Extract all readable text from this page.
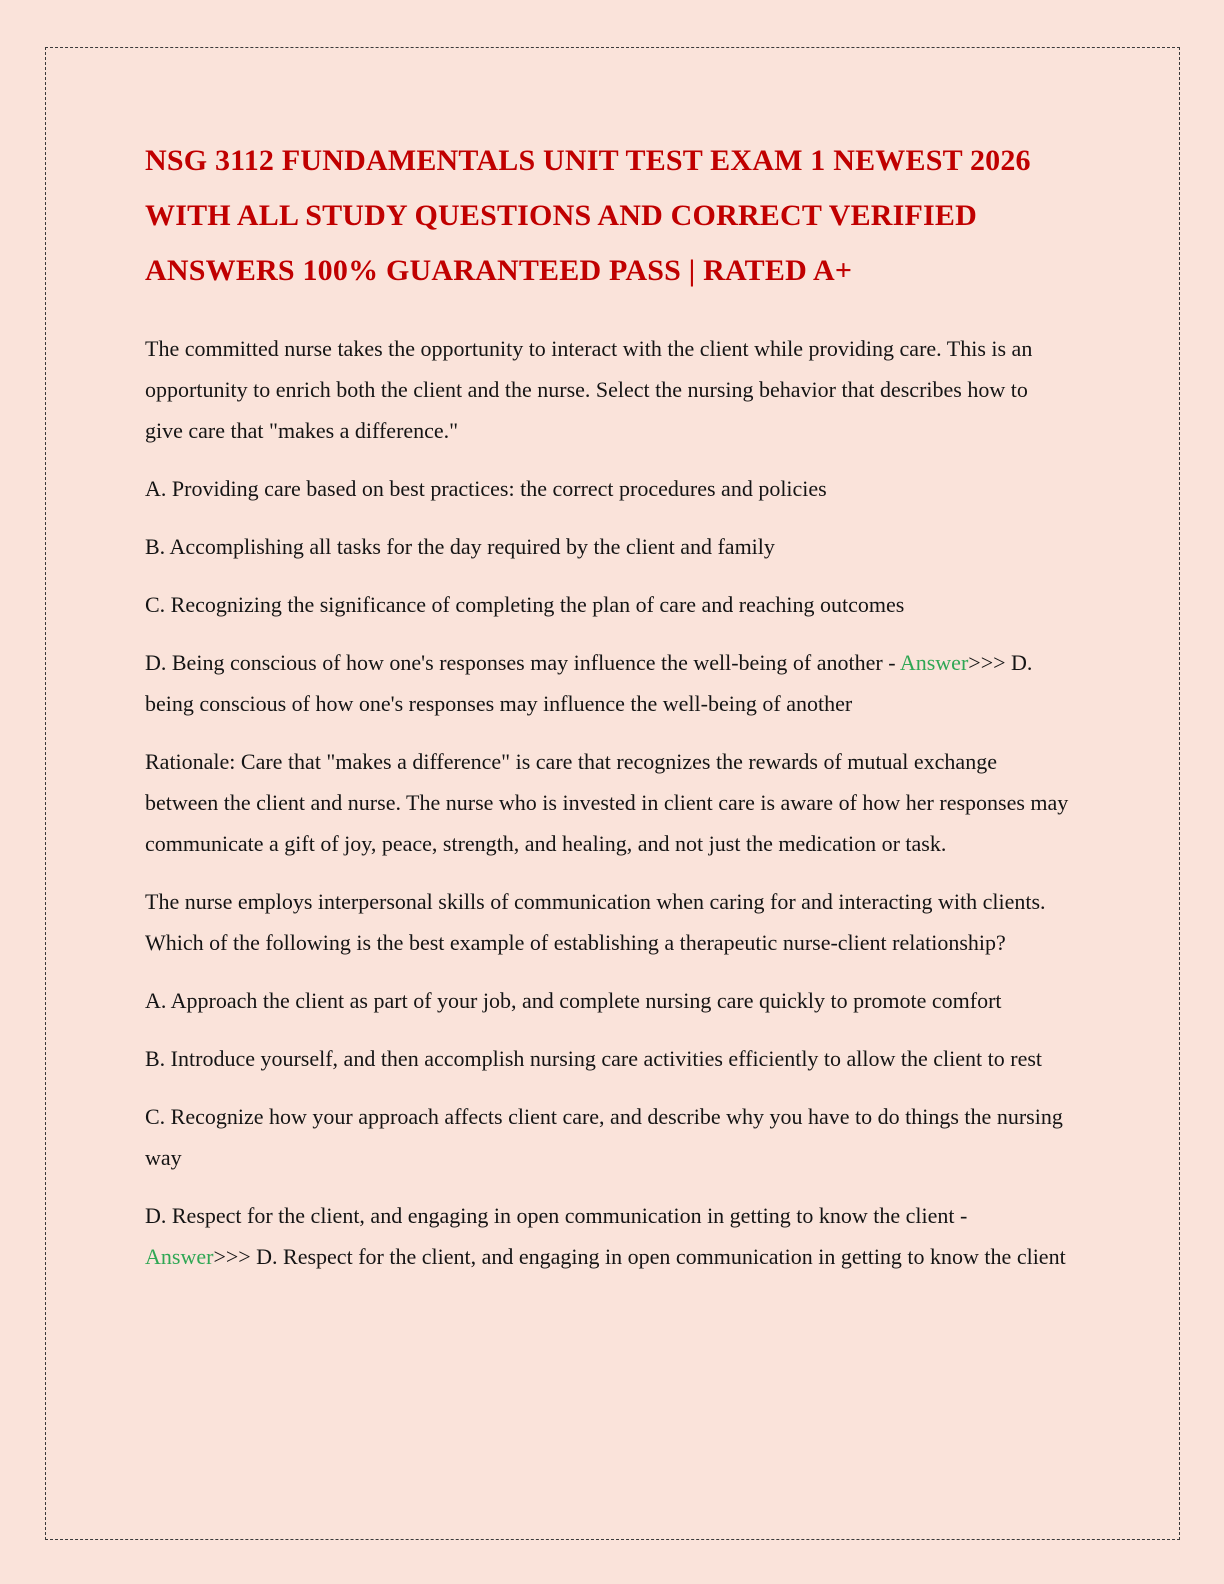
NSG 3112 FUNDAMENTALS UNIT TEST EXAM 1 NEWEST 2026 WITH ALL STUDY QUESTIONS AND CORRECT VERIFIED ANSWERS 100% GUARANTEED PASS | RATED A+

The committed nurse takes the opportunity to interact with the client while providing care. This is an opportunity to enrich both the client and the nurse. Select the nursing behavior that describes how to give care that "makes a difference."

A. Providing care based on best practices: the correct procedures and policies

B. Accomplishing all tasks for the day required by the client and family

C. Recognizing the significance of completing the plan of care and reaching outcomes

D. Being conscious of how one's responses may influence the well-being of another - Answer>>> D. being conscious of how one's responses may influence the well-being of another

Rationale: Care that "makes a difference" is care that recognizes the rewards of mutual exchange between the client and nurse. The nurse who is invested in client care is aware of how her responses may communicate a gift of joy, peace, strength, and healing, and not just the medication or task.

The nurse employs interpersonal skills of communication when caring for and interacting with clients. Which of the following is the best example of establishing a therapeutic nurse-client relationship?

A. Approach the client as part of your job, and complete nursing care quickly to promote comfort

B. Introduce yourself, and then accomplish nursing care activities efficiently to allow the client to rest

C. Recognize how your approach affects client care, and describe why you have to do things the nursing way

D. Respect for the client, and engaging in open communication in getting to know the client - Answer>>> D. Respect for the client, and engaging in open communication in getting to know the client
